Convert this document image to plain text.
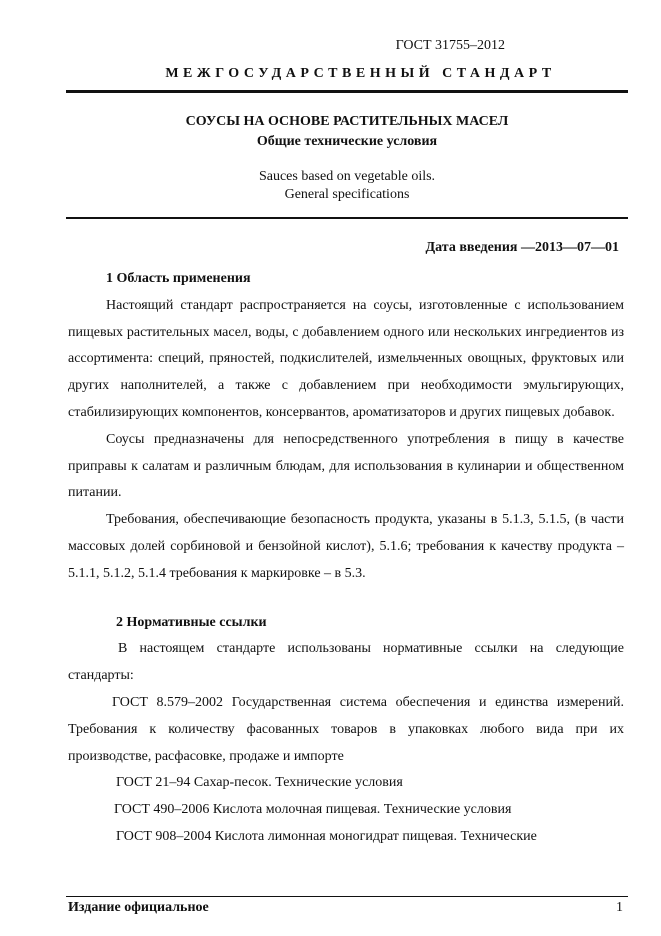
ГОСТ 31755–2012
МЕЖГОСУДАРСТВЕННЫЙ СТАНДАРТ
СОУСЫ НА ОСНОВЕ РАСТИТЕЛЬНЫХ МАСЕЛ
Общие технические условия
Sauces based on vegetable oils.
General specifications
Дата введения —2013—07—01
1 Область применения

Настоящий стандарт распространяется на соусы, изготовленные с использованием пищевых растительных масел, воды, с добавлением одного или нескольких ингредиентов из ассортимента: специй, пряностей, подкислителей, измельченных овощных, фруктовых или других наполнителей, а также с добавлением при необходимости эмульгирующих, стабилизирующих компонентов, консервантов, ароматизаторов и других пищевых добавок.

Соусы предназначены для непосредственного употребления в пищу в качестве приправы к салатам и различным блюдам, для использования в кулинарии и общественном питании.

Требования, обеспечивающие безопасность продукта, указаны в 5.1.3, 5.1.5, (в части массовых долей сорбиновой и бензойной кислот), 5.1.6; требования к качеству продукта – 5.1.1, 5.1.2, 5.1.4 требования к маркировке – в 5.3.

2 Нормативные ссылки

В настоящем стандарте использованы нормативные ссылки на следующие стандарты:

ГОСТ 8.579–2002 Государственная система обеспечения и единства измерений. Требования к количеству фасованных товаров в упаковках любого вида при их производстве, расфасовке, продаже и импорте

ГОСТ 21–94 Сахар-песок. Технические условия

ГОСТ 490–2006 Кислота молочная пищевая. Технические условия

ГОСТ 908–2004 Кислота лимонная моногидрат пищевая. Технические

Издание официальное	1
